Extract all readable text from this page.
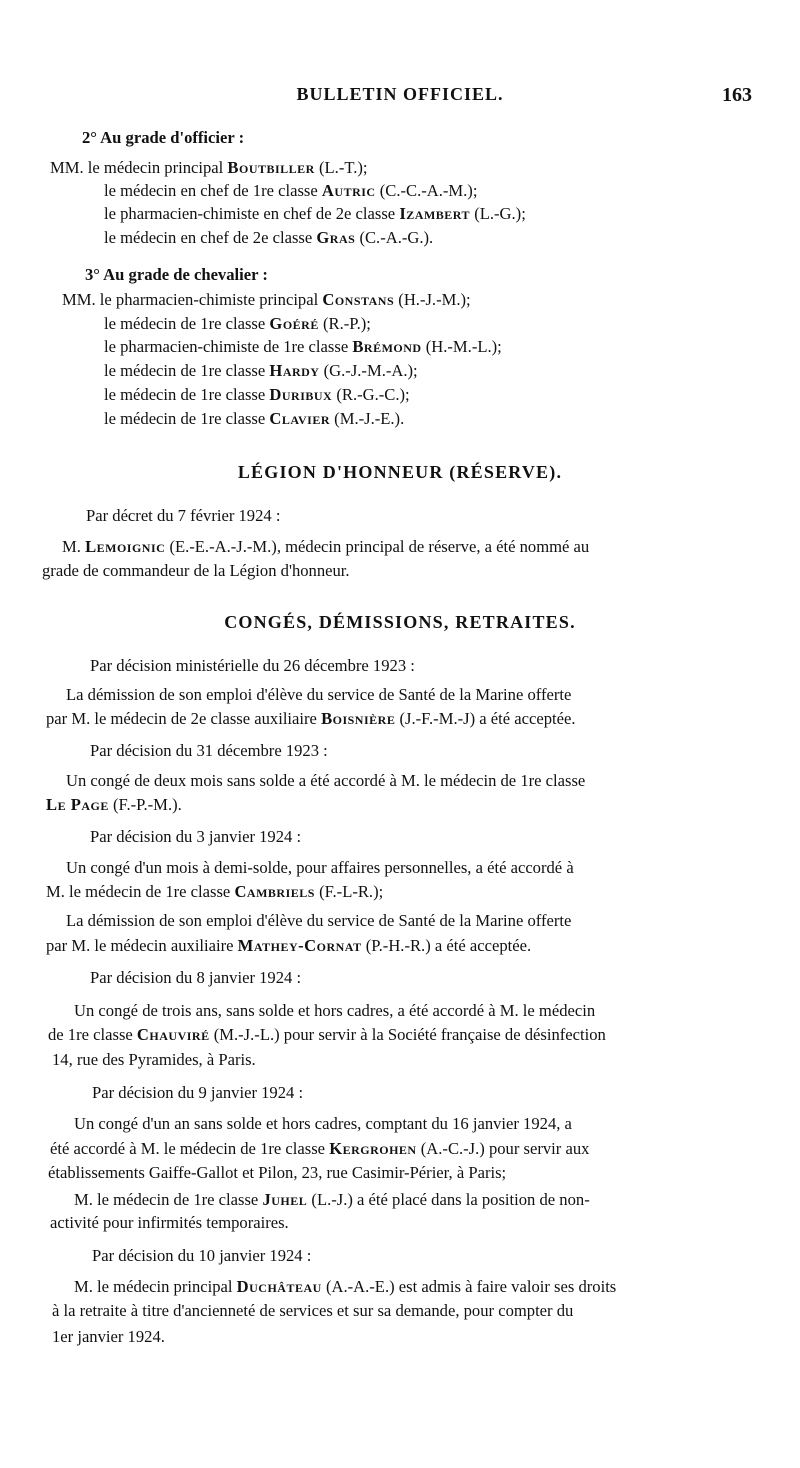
BULLETIN OFFICIEL.	163
2° Au grade d'officier :
MM. le médecin principal Boutbiller (L.-T.);
le médecin en chef de 1re classe Autric (C.-C.-A.-M.);
le pharmacien-chimiste en chef de 2e classe Izambert (L.-G.);
le médecin en chef de 2e classe Gras (C.-A.-G.).
3° Au grade de chevalier :
MM. le pharmacien-chimiste principal Constans (H.-J.-M.);
le médecin de 1re classe Goéré (R.-P.);
le pharmacien-chimiste de 1re classe Brémond (H.-M.-L.);
le médecin de 1re classe Hardy (G.-J.-M.-A.);
le médecin de 1re classe Duribux (R.-G.-C.);
le médecin de 1re classe Clavier (M.-J.-E.).
LÉGION D'HONNEUR (RÉSERVE).
Par décret du 7 février 1924 :
M. Lemoignic (E.-E.-A.-J.-M.), médecin principal de réserve, a été nommé au
grade de commandeur de la Légion d'honneur.
CONGÉS, DÉMISSIONS, RETRAITES.
Par décision ministérielle du 26 décembre 1923 :
La démission de son emploi d'élève du service de Santé de la Marine offerte
par M. le médecin de 2e classe auxiliaire Boisnière (J.-F.-M.-J) a été acceptée.
Par décision du 31 décembre 1923 :
Un congé de deux mois sans solde a été accordé à M. le médecin de 1re classe
Le Page (F.-P.-M.).
Par décision du 3 janvier 1924 :
Un congé d'un mois à demi-solde, pour affaires personnelles, a été accordé à
M. le médecin de 1re classe Cambriels (F.-L-R.);
La démission de son emploi d'élève du service de Santé de la Marine offerte
par M. le médecin auxiliaire Mathey-Cornat (P.-H.-R.) a été acceptée.
Par décision du 8 janvier 1924 :
Un congé de trois ans, sans solde et hors cadres, a été accordé à M. le médecin
de 1re classe Chauviré (M.-J.-L.) pour servir à la Société française de désinfection
14, rue des Pyramides, à Paris.
Par décision du 9 janvier 1924 :
Un congé d'un an sans solde et hors cadres, comptant du 16 janvier 1924, a
été accordé à M. le médecin de 1re classe Kergrohen (A.-C.-J.) pour servir aux
établissements Gaiffe-Gallot et Pilon, 23, rue Casimir-Périer, à Paris;
M. le médecin de 1re classe Juhel (L.-J.) a été placé dans la position de non-
activité pour infirmités temporaires.
Par décision du 10 janvier 1924 :
M. le médecin principal Duchâteau (A.-A.-E.) est admis à faire valoir ses droits
à la retraite à titre d'ancienneté de services et sur sa demande, pour compter du
1er janvier 1924.
